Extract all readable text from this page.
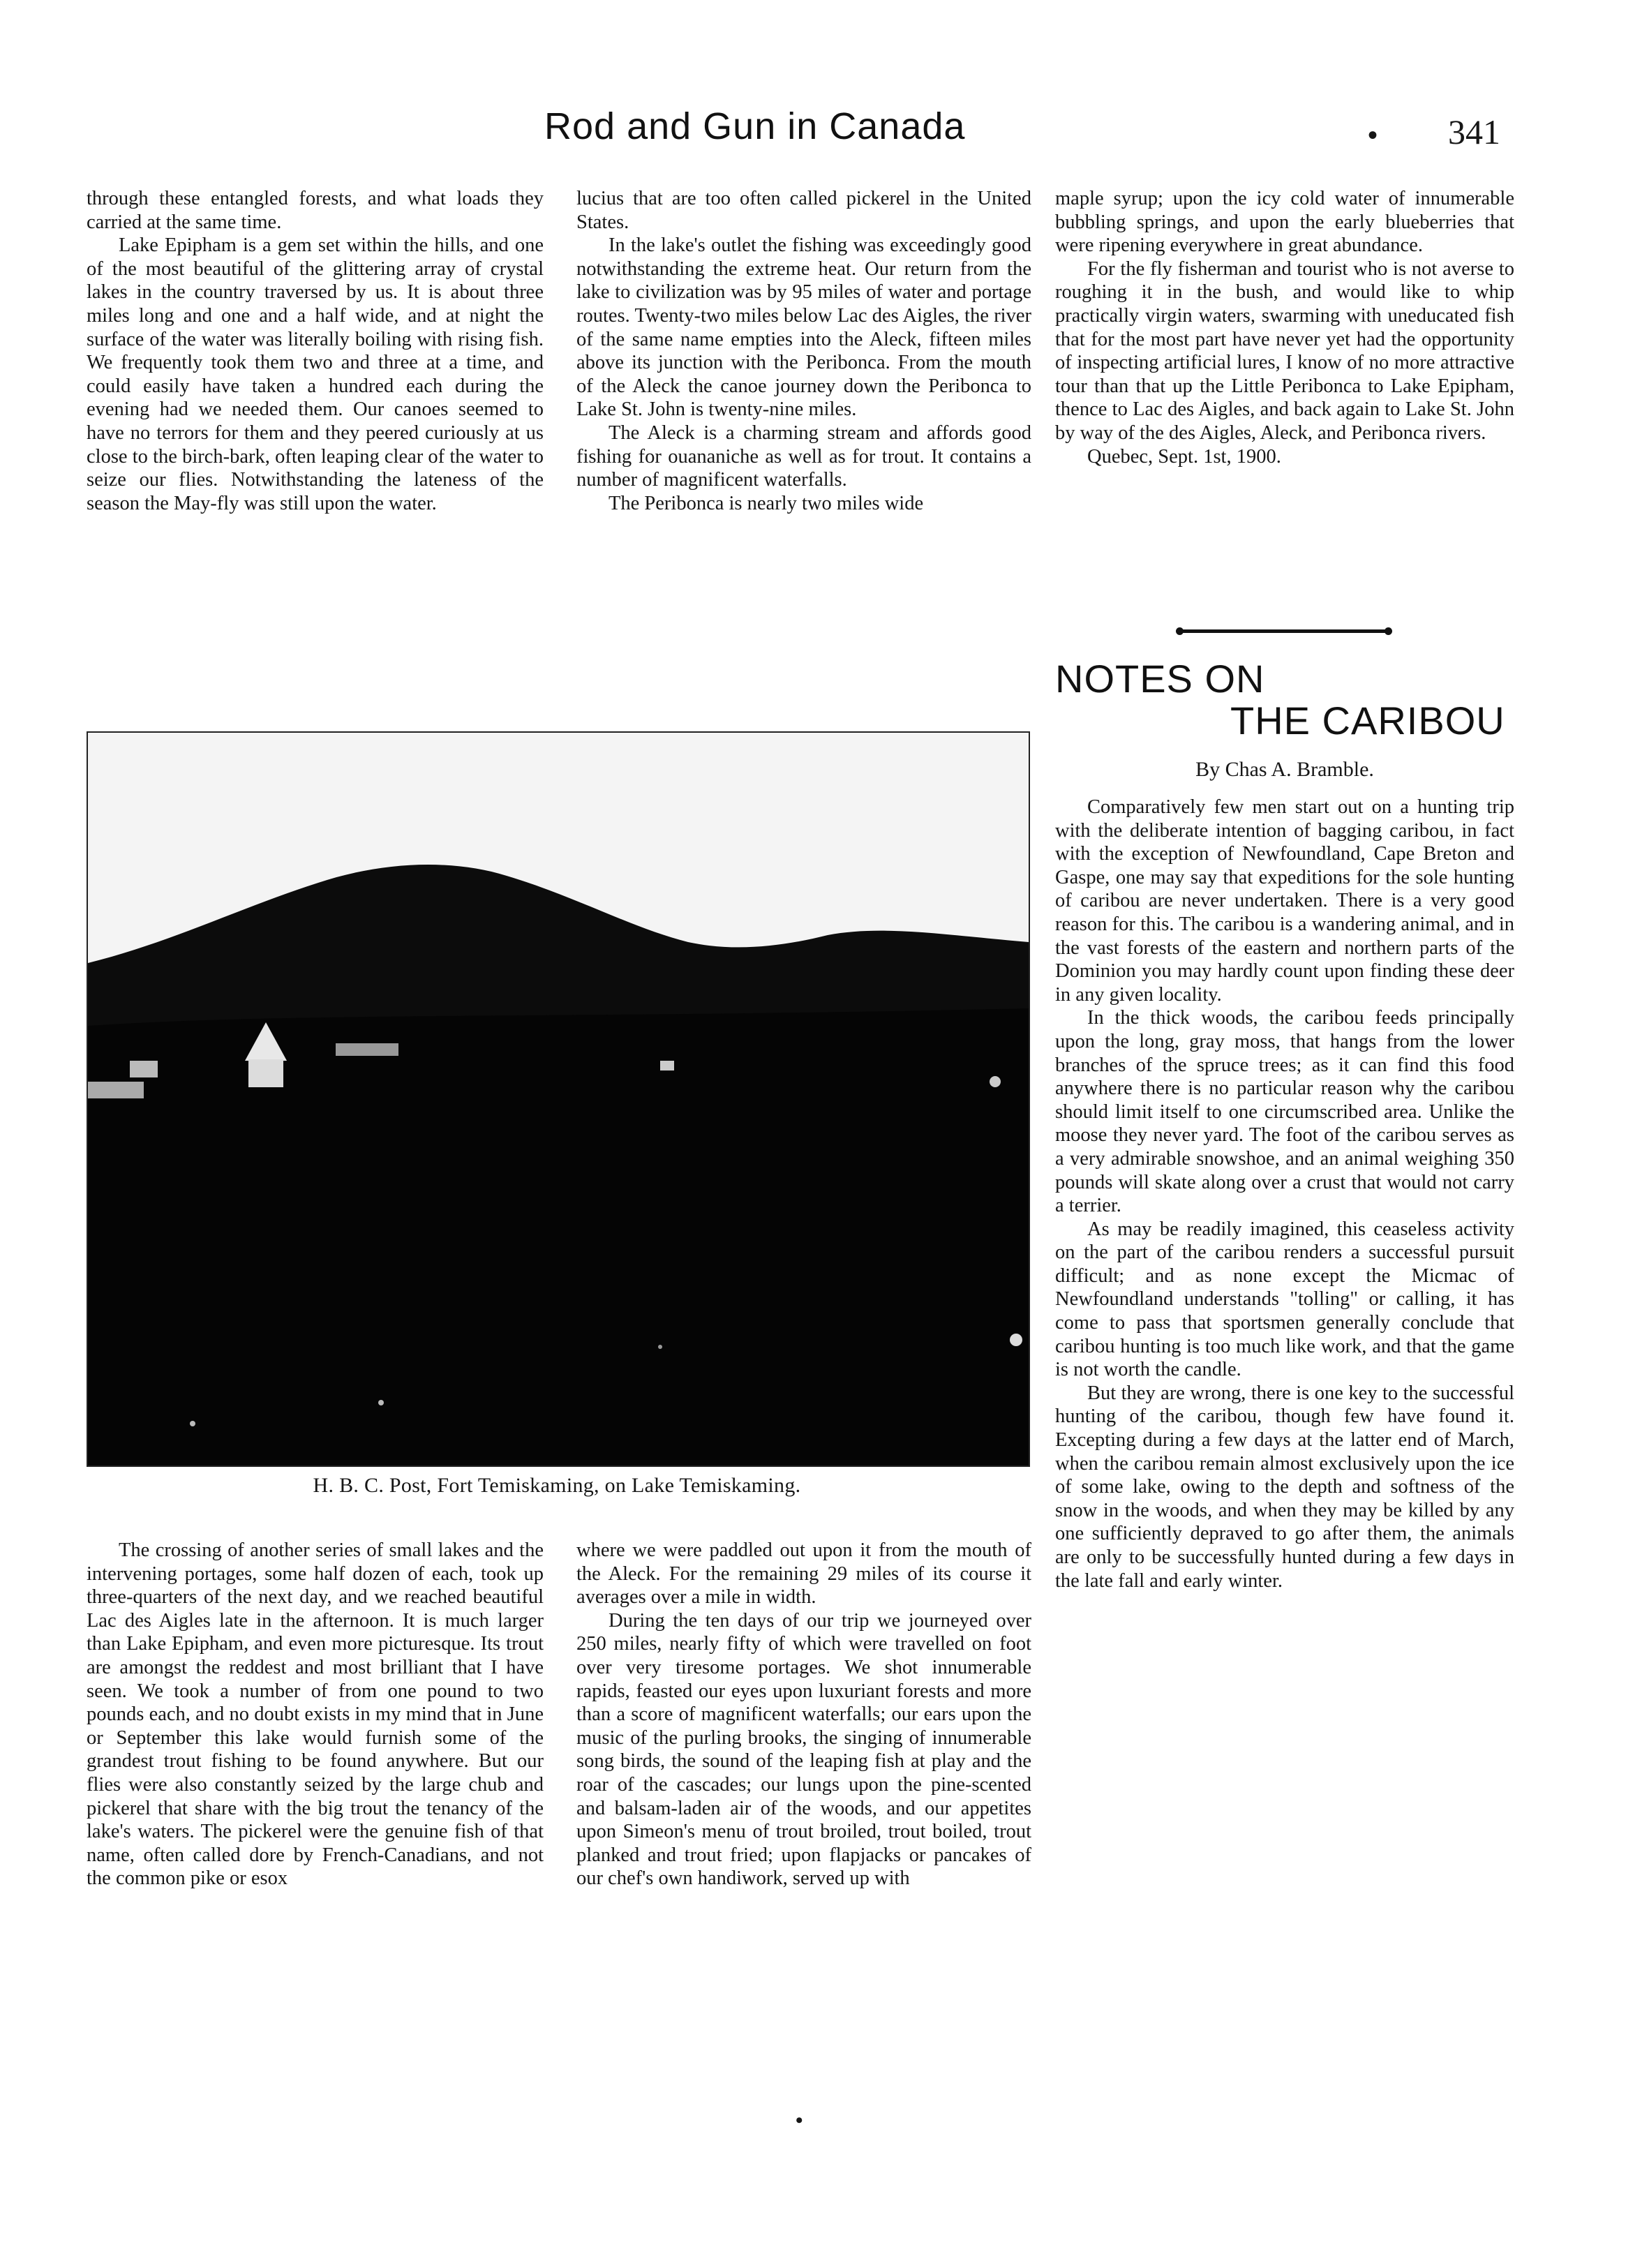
Rod and Gun in Canada	• 341

through these entangled forests, and what loads they carried at the same time.

Lake Epipham is a gem set within the hills, and one of the most beautiful of the glittering array of crystal lakes in the country traversed by us. It is about three miles long and one and a half wide, and at night the surface of the water was literally boiling with rising fish. We frequently took them two and three at a time, and could easily have taken a hundred each during the evening had we needed them. Our canoes seemed to have no terrors for them and they peered curiously at us close to the birch-bark, often leaping clear of the water to seize our flies. Notwithstanding the lateness of the season the May-fly was still upon the water.

lucius that are too often called pickerel in the United States.

In the lake's outlet the fishing was exceedingly good notwithstanding the extreme heat. Our return from the lake to civilization was by 95 miles of water and portage routes. Twenty-two miles below Lac des Aigles, the river of the same name empties into the Aleck, fifteen miles above its junction with the Peribonca. From the mouth of the Aleck the canoe journey down the Peribonca to Lake St. John is twenty-nine miles.

The Aleck is a charming stream and affords good fishing for ouananiche as well as for trout. It contains a number of magnificent waterfalls.

The Peribonca is nearly two miles wide

maple syrup; upon the icy cold water of innumerable bubbling springs, and upon the early blueberries that were ripening everywhere in great abundance.

For the fly fisherman and tourist who is not averse to roughing it in the bush, and would like to whip practically virgin waters, swarming with uneducated fish that for the most part have never yet had the opportunity of inspecting artificial lures, I know of no more attractive tour than that up the Little Peribonca to Lake Epipham, thence to Lac des Aigles, and back again to Lake St. John by way of the des Aigles, Aleck, and Peribonca rivers.

Quebec, Sept. 1st, 1900.

NOTES ON
THE CARIBOU
By Chas A. Bramble.

Comparatively few men start out on a hunting trip with the deliberate intention of bagging caribou, in fact with the exception of Newfoundland, Cape Breton and Gaspe, one may say that expeditions for the sole hunting of caribou are never undertaken. There is a very good reason for this. The caribou is a wandering animal, and in the vast forests of the eastern and northern parts of the Dominion you may hardly count upon finding these deer in any given locality.

In the thick woods, the caribou feeds principally upon the long, gray moss, that hangs from the lower branches of the spruce trees; as it can find this food anywhere there is no particular reason why the caribou should limit itself to one circumscribed area. Unlike the moose they never yard. The foot of the caribou serves as a very admirable snowshoe, and an animal weighing 350 pounds will skate along over a crust that would not carry a terrier.

As may be readily imagined, this ceaseless activity on the part of the caribou renders a successful pursuit difficult; and as none except the Micmac of Newfoundland understands "tolling" or calling, it has come to pass that sportsmen generally conclude that caribou hunting is too much like work, and that the game is not worth the candle.

But they are wrong, there is one key to the successful hunting of the caribou, though few have found it. Excepting during a few days at the latter end of March, when the caribou remain almost exclusively upon the ice of some lake, owing to the depth and softness of the snow in the woods, and when they may be killed by any one sufficiently depraved to go after them, the animals are only to be successfully hunted during a few days in the late fall and early winter.

H. B. C. Post, Fort Temiskaming, on Lake Temiskaming.

The crossing of another series of small lakes and the intervening portages, some half dozen of each, took up three-quarters of the next day, and we reached beautiful Lac des Aigles late in the afternoon. It is much larger than Lake Epipham, and even more picturesque. Its trout are amongst the reddest and most brilliant that I have seen. We took a number of from one pound to two pounds each, and no doubt exists in my mind that in June or September this lake would furnish some of the grandest trout fishing to be found anywhere. But our flies were also constantly seized by the large chub and pickerel that share with the big trout the tenancy of the lake's waters. The pickerel were the genuine fish of that name, often called dore by French-Canadians, and not the common pike or esox

where we were paddled out upon it from the mouth of the Aleck. For the remaining 29 miles of its course it averages over a mile in width.

During the ten days of our trip we journeyed over 250 miles, nearly fifty of which were travelled on foot over very tiresome portages. We shot innumerable rapids, feasted our eyes upon luxuriant forests and more than a score of magnificent waterfalls; our ears upon the music of the purling brooks, the singing of innumerable song birds, the sound of the leaping fish at play and the roar of the cascades; our lungs upon the pine-scented and balsam-laden air of the woods, and our appetites upon Simeon's menu of trout broiled, trout boiled, trout planked and trout fried; upon flapjacks or pancakes of our chef's own handiwork, served up with

•
